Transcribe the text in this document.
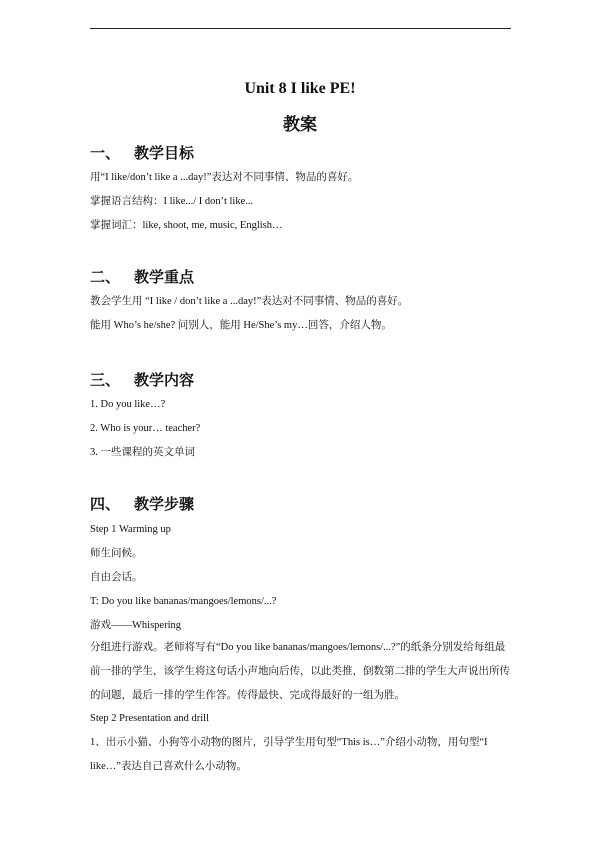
Unit 8 I like PE!
教案
一、 教学目标
用“I like/don’t like a ...day!”表达对不同事情、物品的喜好。
掌握语言结构：I like.../ I don’t like...
掌握词汇：like, shoot, me, music, English…
二、 教学重点
教会学生用 “I like / don’t like a ...day!”表达对不同事情、物品的喜好。
能用 Who’s he/she? 问别人，能用 He/She’s my…回答，介绍人物。
三、 教学内容
1. Do you like…?
2. Who is your… teacher?
3. 一些课程的英文单词
四、 教学步骤
Step 1 Warming up
师生问候。
自由会话。
T: Do you like bananas/mangoes/lemons/...?
游戏——Whispering
分组进行游戏。老师将写有“Do you like bananas/mangoes/lemons/...?”的纸条分别发给每组最前一排的学生，该学生将这句话小声地向后传，以此类推，倒数第二排的学生大声说出所传的问题，最后一排的学生作答。传得最快、完成得最好的一组为胜。
Step 2 Presentation and drill
1、出示小猫、小狗等小动物的图片，引导学生用句型“This is…”介绍小动物，用句型“I like…”表达自己喜欢什么小动物。
